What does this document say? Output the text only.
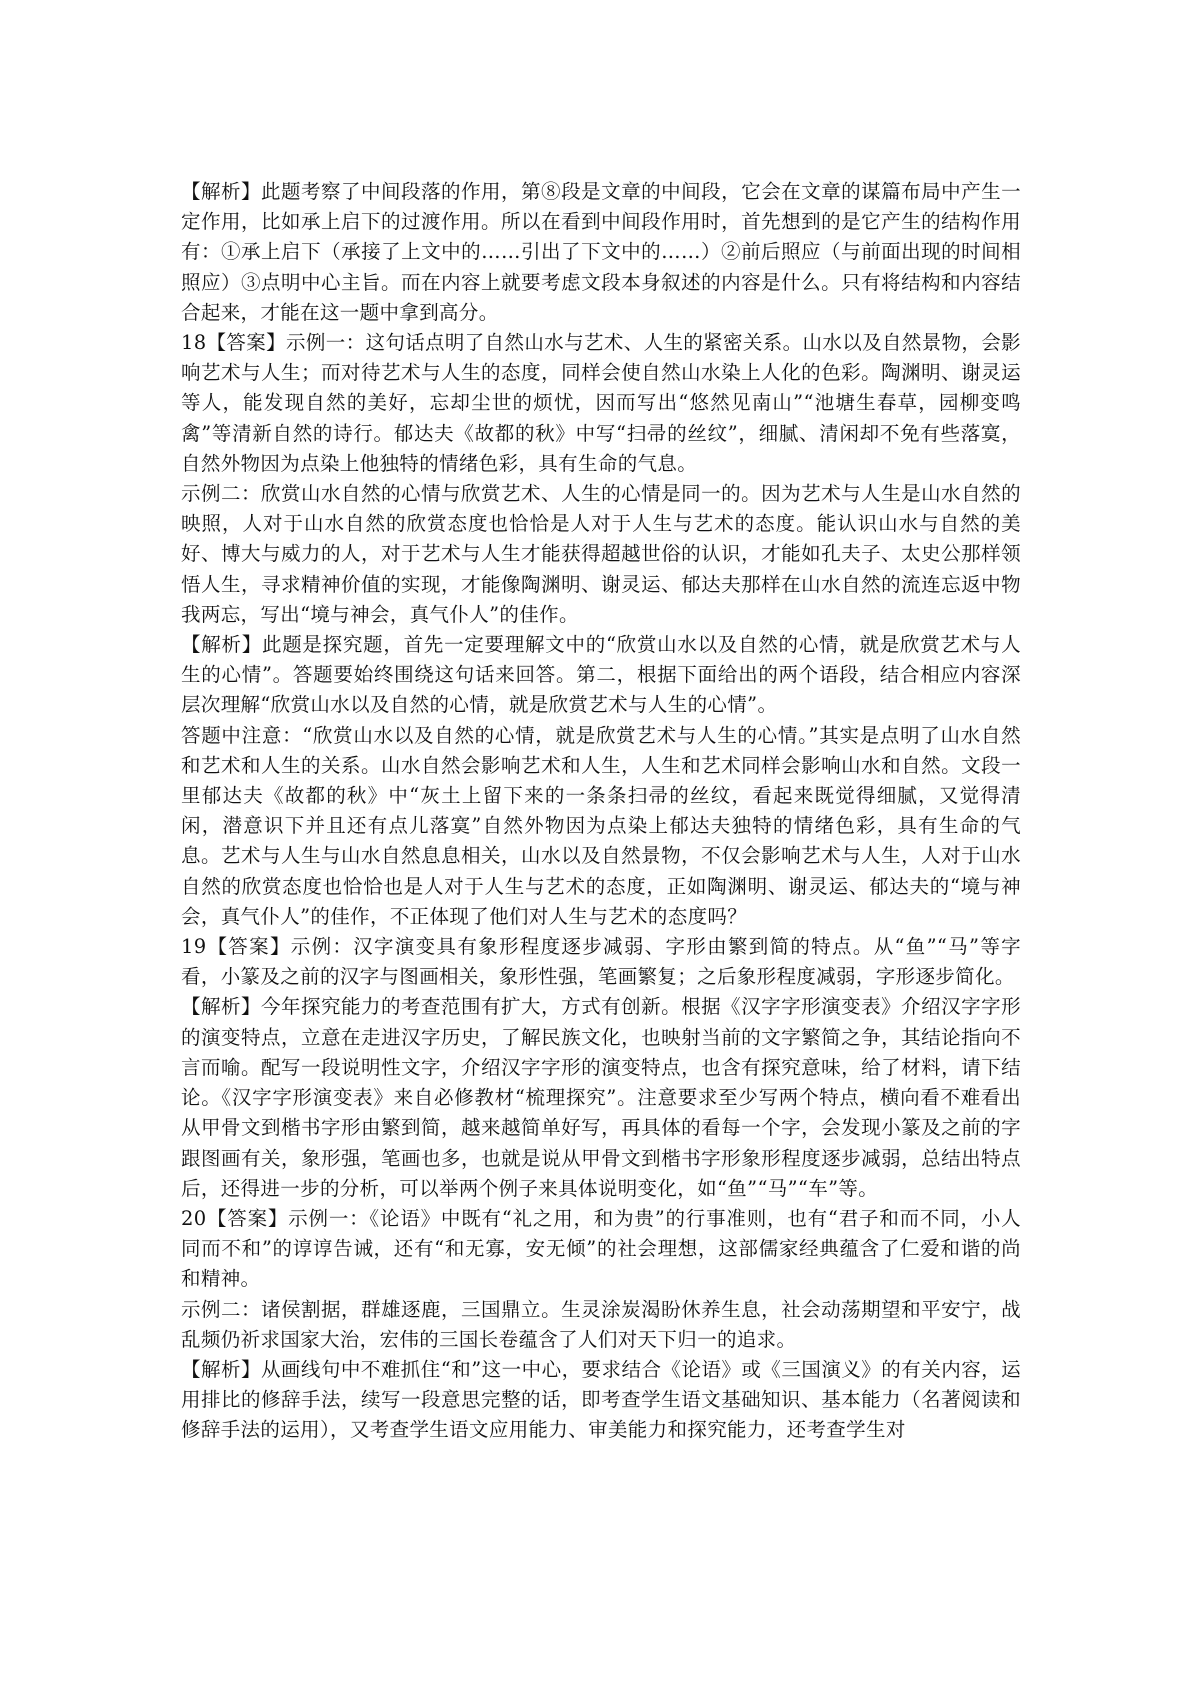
【解析】此题考察了中间段落的作用，第⑧段是文章的中间段，它会在文章的谋篇布局中产生一定作用，比如承上启下的过渡作用。所以在看到中间段作用时，首先想到的是它产生的结构作用有：①承上启下（承接了上文中的……引出了下文中的……）②前后照应（与前面出现的时间相照应）③点明中心主旨。而在内容上就要考虑文段本身叙述的内容是什么。只有将结构和内容结合起来，才能在这一题中拿到高分。

18【答案】示例一：这句话点明了自然山水与艺术、人生的紧密关系。山水以及自然景物，会影响艺术与人生；而对待艺术与人生的态度，同样会使自然山水染上人化的色彩。陶渊明、谢灵运等人，能发现自然的美好，忘却尘世的烦忧，因而写出“悠然见南山”“池塘生春草，园柳变鸣禽”等清新自然的诗行。郁达夫《故都的秋》中写“扫帚的丝纹”，细腻、清闲却不免有些落寞，自然外物因为点染上他独特的情绪色彩，具有生命的气息。

示例二：欣赏山水自然的心情与欣赏艺术、人生的心情是同一的。因为艺术与人生是山水自然的映照，人对于山水自然的欣赏态度也恰恰是人对于人生与艺术的态度。能认识山水与自然的美好、博大与威力的人，对于艺术与人生才能获得超越世俗的认识，才能如孔夫子、太史公那样领悟人生，寻求精神价值的实现，才能像陶渊明、谢灵运、郁达夫那样在山水自然的流连忘返中物我两忘，写出“境与神会，真气仆人”的佳作。

【解析】此题是探究题，首先一定要理解文中的“欣赏山水以及自然的心情，就是欣赏艺术与人生的心情”。答题要始终围绕这句话来回答。第二，根据下面给出的两个语段，结合相应内容深层次理解“欣赏山水以及自然的心情，就是欣赏艺术与人生的心情”。

答题中注意：“欣赏山水以及自然的心情，就是欣赏艺术与人生的心情。”其实是点明了山水自然和艺术和人生的关系。山水自然会影响艺术和人生，人生和艺术同样会影响山水和自然。文段一里郁达夫《故都的秋》中“灰土上留下来的一条条扫帚的丝纹，看起来既觉得细腻，又觉得清闲，潜意识下并且还有点儿落寞”自然外物因为点染上郁达夫独特的情绪色彩，具有生命的气息。艺术与人生与山水自然息息相关，山水以及自然景物，不仅会影响艺术与人生，人对于山水自然的欣赏态度也恰恰也是人对于人生与艺术的态度，正如陶渊明、谢灵运、郁达夫的“境与神会，真气仆人”的佳作，不正体现了他们对人生与艺术的态度吗？

19【答案】示例：汉字演变具有象形程度逐步减弱、字形由繁到简的特点。从“鱼”“马”等字看，小篆及之前的汉字与图画相关，象形性强，笔画繁复；之后象形程度减弱，字形逐步简化。

【解析】今年探究能力的考查范围有扩大，方式有创新。根据《汉字字形演变表》介绍汉字字形的演变特点，立意在走进汉字历史，了解民族文化，也映射当前的文字繁简之争，其结论指向不言而喻。配写一段说明性文字，介绍汉字字形的演变特点，也含有探究意味，给了材料，请下结论。《汉字字形演变表》来自必修教材“梳理探究”。注意要求至少写两个特点，横向看不难看出从甲骨文到楷书字形由繁到简，越来越简单好写，再具体的看每一个字，会发现小篆及之前的字跟图画有关，象形强，笔画也多，也就是说从甲骨文到楷书字形象形程度逐步减弱，总结出特点后，还得进一步的分析，可以举两个例子来具体说明变化，如“鱼”“马”“车”等。

20【答案】示例一：《论语》中既有“礼之用，和为贵”的行事准则，也有“君子和而不同，小人同而不和”的谆谆告诫，还有“和无寡，安无倾”的社会理想，这部儒家经典蕴含了仁爱和谐的尚和精神。

示例二：诸侯割据，群雄逐鹿，三国鼎立。生灵涂炭渴盼休养生息，社会动荡期望和平安宁，战乱频仍祈求国家大治，宏伟的三国长卷蕴含了人们对天下归一的追求。

【解析】从画线句中不难抓住“和”这一中心，要求结合《论语》或《三国演义》的有关内容，运用排比的修辞手法，续写一段意思完整的话，即考查学生语文基础知识、基本能力（名著阅读和修辞手法的运用），又考查学生语文应用能力、审美能力和探究能力，还考查学生对
